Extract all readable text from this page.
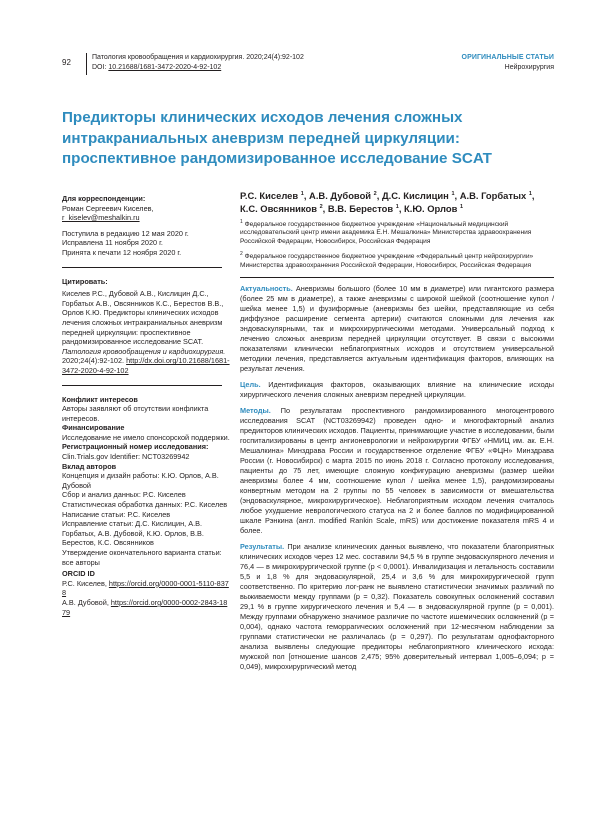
92
Патология кровообращения и кардиохирургия. 2020;24(4):92-102
DOI: 10.21688/1681-3472-2020-4-92-102
ОРИГИНАЛЬНЫЕ СТАТЬИ
Нейрохирургия
Предикторы клинических исходов лечения сложных интракраниальных аневризм передней циркуляции: проспективное рандомизированное исследование SCAT
Для корреспонденции:
Роман Сергеевич Киселев,
r_kiselev@meshalkin.ru
Поступила в редакцию 12 мая 2020 г.
Исправлена 11 ноября 2020 г.
Принята к печати 12 ноября 2020 г.
Цитировать:
Киселев Р.С., Дубовой А.В., Кислицин Д.С., Горбатых А.В., Овсянников К.С., Берестов В.В., Орлов К.Ю. Предикторы клинических исходов лечения сложных интракраниальных аневризм передней циркуляции: проспективное рандомизированное исследование SCAT. Патология кровообращения и кардиохирургия. 2020;24(4):92-102. http://dx.doi.org/10.21688/1681-3472-2020-4-92-102
Конфликт интересов
Авторы заявляют об отсутствии конфликта интересов.
Финансирование
Исследование не имело спонсорской поддержки.
Регистрационный номер исследования:
Clin.Trials.gov Identifier: NCT03269942
Вклад авторов
Концепция и дизайн работы: К.Ю. Орлов, А.В. Дубовой
Сбор и анализ данных: Р.С. Киселев
Статистическая обработка данных: Р.С. Киселев
Написание статьи: Р.С. Киселев
Исправление статьи: Д.С. Кислицин, А.В. Горбатых, А.В. Дубовой, К.Ю. Орлов, В.В. Берестов, К.С. Овсянников
Утверждение окончательного варианта статьи: все авторы
ORCID ID
Р.С. Киселев, https://orcid.org/0000-0001-5110-8378
А.В. Дубовой, https://orcid.org/0000-0002-2843-1879
Р.С. Киселев $^1$, А.В. Дубовой $^2$, Д.С. Кислицин $^1$, А.В. Горбатых $^1$,
К.С. Овсянников $^2$, В.В. Берестов $^1$, К.Ю. Орлов $^1$
$^1$ Федеральное государственное бюджетное учреждение «Национальный медицинский исследовательский центр имени академика Е.Н. Мешалкина» Министерства здравоохранения Российской Федерации, Новосибирск, Российская Федерация
$^2$ Федеральное государственное бюджетное учреждение «Федеральный центр нейрохирургии» Министерства здравоохранения Российской Федерации, Новосибирск, Российская Федерация
Актуальность. Аневризмы большого (более 10 мм в диаметре) или гигантского размера (более 25 мм в диаметре), а также аневризмы с широкой шейкой (соотношение купол / шейка менее 1,5) и фузиформные (аневризмы без шейки, представляющие из себя диффузное расширение сегмента артерии) считаются сложными для лечения как эндоваскулярными, так и микрохирургическими методами. Универсальный подход к лечению сложных аневризм передней циркуляции отсутствует. В связи с высокими показателями клинически неблагоприятных исходов и отсутствием универсальной методики лечения, представляется актуальным идентификация факторов, влияющих на результат лечения.
Цель. Идентификация факторов, оказывающих влияние на клинические исходы хирургического лечения сложных аневризм передней циркуляции.
Методы. По результатам проспективного рандомизированного многоцентрового исследования SCAT (NCT03269942) проведен одно- и многофакторный анализ предикторов клинических исходов. Пациенты, принимающие участие в исследовании, были госпитализированы в центр ангионеврологии и нейрохирургии ФГБУ «НМИЦ им. ак. Е.Н. Мешалкина» Минздрава России и госудаpственное отделение ФГБУ «ФЦН» Минздрава России (г. Новосибирск) с марта 2015 по июнь 2018 г. Согласно протоколу исследования, пациенты до 75 лет, имеющие сложную конфигурацию аневризмы (размер шейки аневризмы более 4 мм, соотношение купол / шейка менее 1,5), рандомизированы конвертным методом на 2 группы по 55 человек в зависимости от вмешательства (эндоваскулярное, микрохирургическое). Неблагоприятным исходом лечения считалось любое ухудшение неврологического статуса на 2 и более баллов по модифицированной шкале Рэнкина (англ. modified Rankin Scale, mRS) или достижение показателя mRS 4 и более.
Результаты. При анализе клинических данных выявлено, что показатели благоприятных клинических исходов через 12 мес. составили 94,5 % в группе эндоваскулярного лечения и 76,4 — в микрохирургической группе (p < 0,0001). Инвалидизация и летальность составили 5,5 и 1,8 % для эндоваскулярной, 25,4 и 3,6 % для микрохирургической групп соответственно. По критерию лог-ранк не выявлено статистически значимых различий по выживаемости между группами (p = 0,32). Показатель совокупных осложнений составил 29,1 % в группе хирургического лечения и 5,4 — в эндоваскулярной группе (p = 0,001). Между группами обнаружено значимое различие по частоте ишемических осложнений (p = 0,004), однако частота геморрагических осложнений при 12-месячном наблюдении за группами статистически не различалась (p = 0,297). По результатам однофакторного анализа выявлены следующие предикторы неблагоприятного клинического исхода: мужской пол [отношение шансов 2,475; 95% доверительный интервал 1,005–6,094; p = 0,049), микрохирургический метод
